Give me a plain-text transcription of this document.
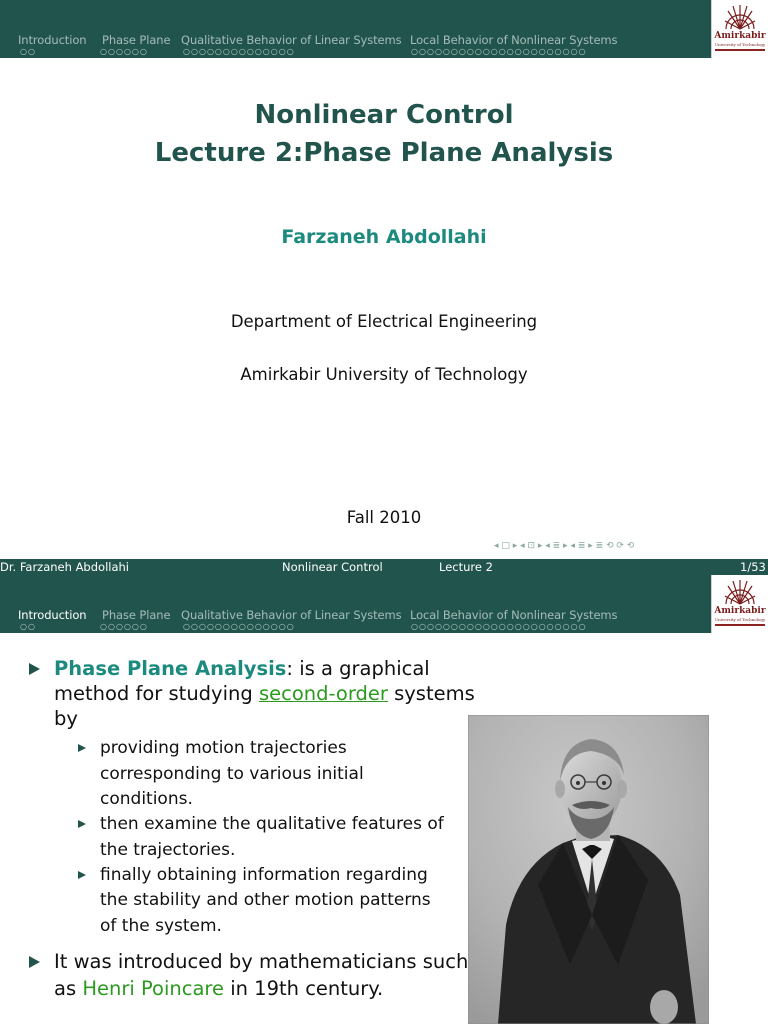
Introduction Phase Plane Qualitative Behavior of Linear Systems Local Behavior of Nonlinear Systems
○○	○○○○○○	○○○○○○○○○○○○○○	○○○○○○○○○○○○○○○○○○○○○○
Amirkabir
University of Technology
Nonlinear Control
Lecture 2:Phase Plane Analysis
Farzaneh Abdollahi
Department of Electrical Engineering
Amirkabir University of Technology
Fall 2010
◂ □ ▸ ◂ ⊡ ▸ ◂ ≣ ▸ ◂ ≣ ▸ ≣ ⟲ ⟳ ⟲
Dr. Farzaneh Abdollahi	Nonlinear Control	Lecture 2	1/53
Introduction Phase Plane Qualitative Behavior of Linear Systems Local Behavior of Nonlinear Systems
○○	○○○○○○	○○○○○○○○○○○○○○	○○○○○○○○○○○○○○○○○○○○○○
Amirkabir
University of Technology
Phase Plane Analysis: is a graphical
method for studying second-order systems
by
providing motion trajectories
corresponding to various initial
conditions.
then examine the qualitative features of
the trajectories.
finally obtaining information regarding
the stability and other motion patterns
of the system.
It was introduced by mathematicians such
as Henri Poincare in 19th century.
